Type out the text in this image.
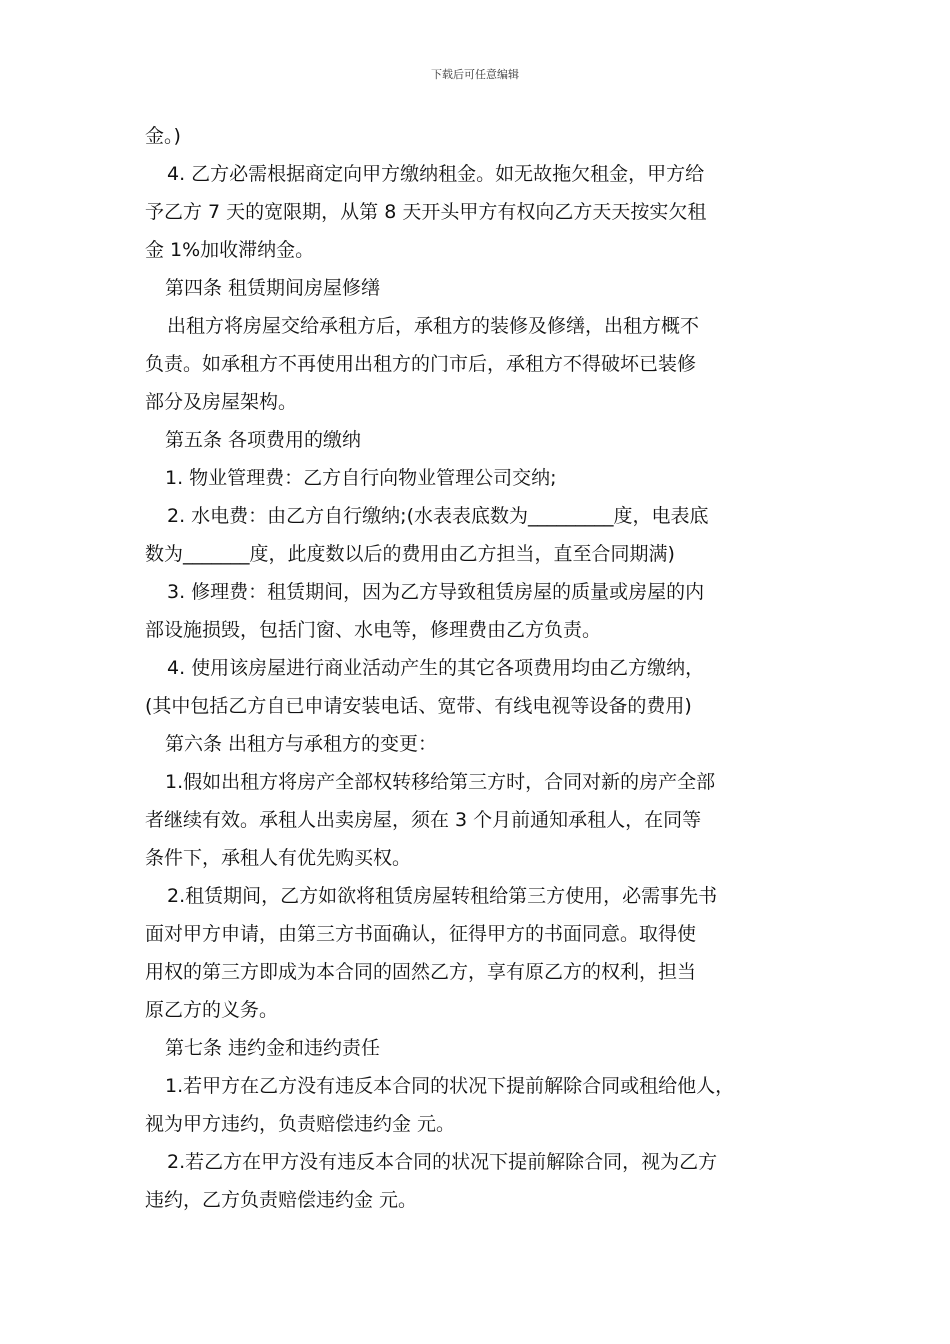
下载后可任意编辑
金。)
4. 乙方必需根据商定向甲方缴纳租金。如无故拖欠租金，甲方给
予乙方 7 天的宽限期，从第 8 天开头甲方有权向乙方天天按实欠租
金 1%加收滞纳金。
第四条 租赁期间房屋修缮
出租方将房屋交给承租方后，承租方的装修及修缮，出租方概不
负责。如承租方不再使用出租方的门市后，承租方不得破坏已装修
部分及房屋架构。
第五条 各项费用的缴纳
1. 物业管理费：乙方自行向物业管理公司交纳;
2. 水电费：由乙方自行缴纳;(水表表底数为_________度，电表底
数为_______度，此度数以后的费用由乙方担当，直至合同期满)
3. 修理费：租赁期间，因为乙方导致租赁房屋的质量或房屋的内
部设施损毁，包括门窗、水电等，修理费由乙方负责。
4. 使用该房屋进行商业活动产生的其它各项费用均由乙方缴纳，
(其中包括乙方自已申请安装电话、宽带、有线电视等设备的费用)
第六条 出租方与承租方的变更：
1.假如出租方将房产全部权转移给第三方时，合同对新的房产全部
者继续有效。承租人出卖房屋，须在 3 个月前通知承租人，在同等
条件下，承租人有优先购买权。
2.租赁期间，乙方如欲将租赁房屋转租给第三方使用，必需事先书
面对甲方申请，由第三方书面确认，征得甲方的书面同意。取得使
用权的第三方即成为本合同的固然乙方，享有原乙方的权利，担当
原乙方的义务。
第七条 违约金和违约责任
1.若甲方在乙方没有违反本合同的状况下提前解除合同或租给他人，
视为甲方违约，负责赔偿违约金 元。
2.若乙方在甲方没有违反本合同的状况下提前解除合同，视为乙方
违约，乙方负责赔偿违约金 元。
